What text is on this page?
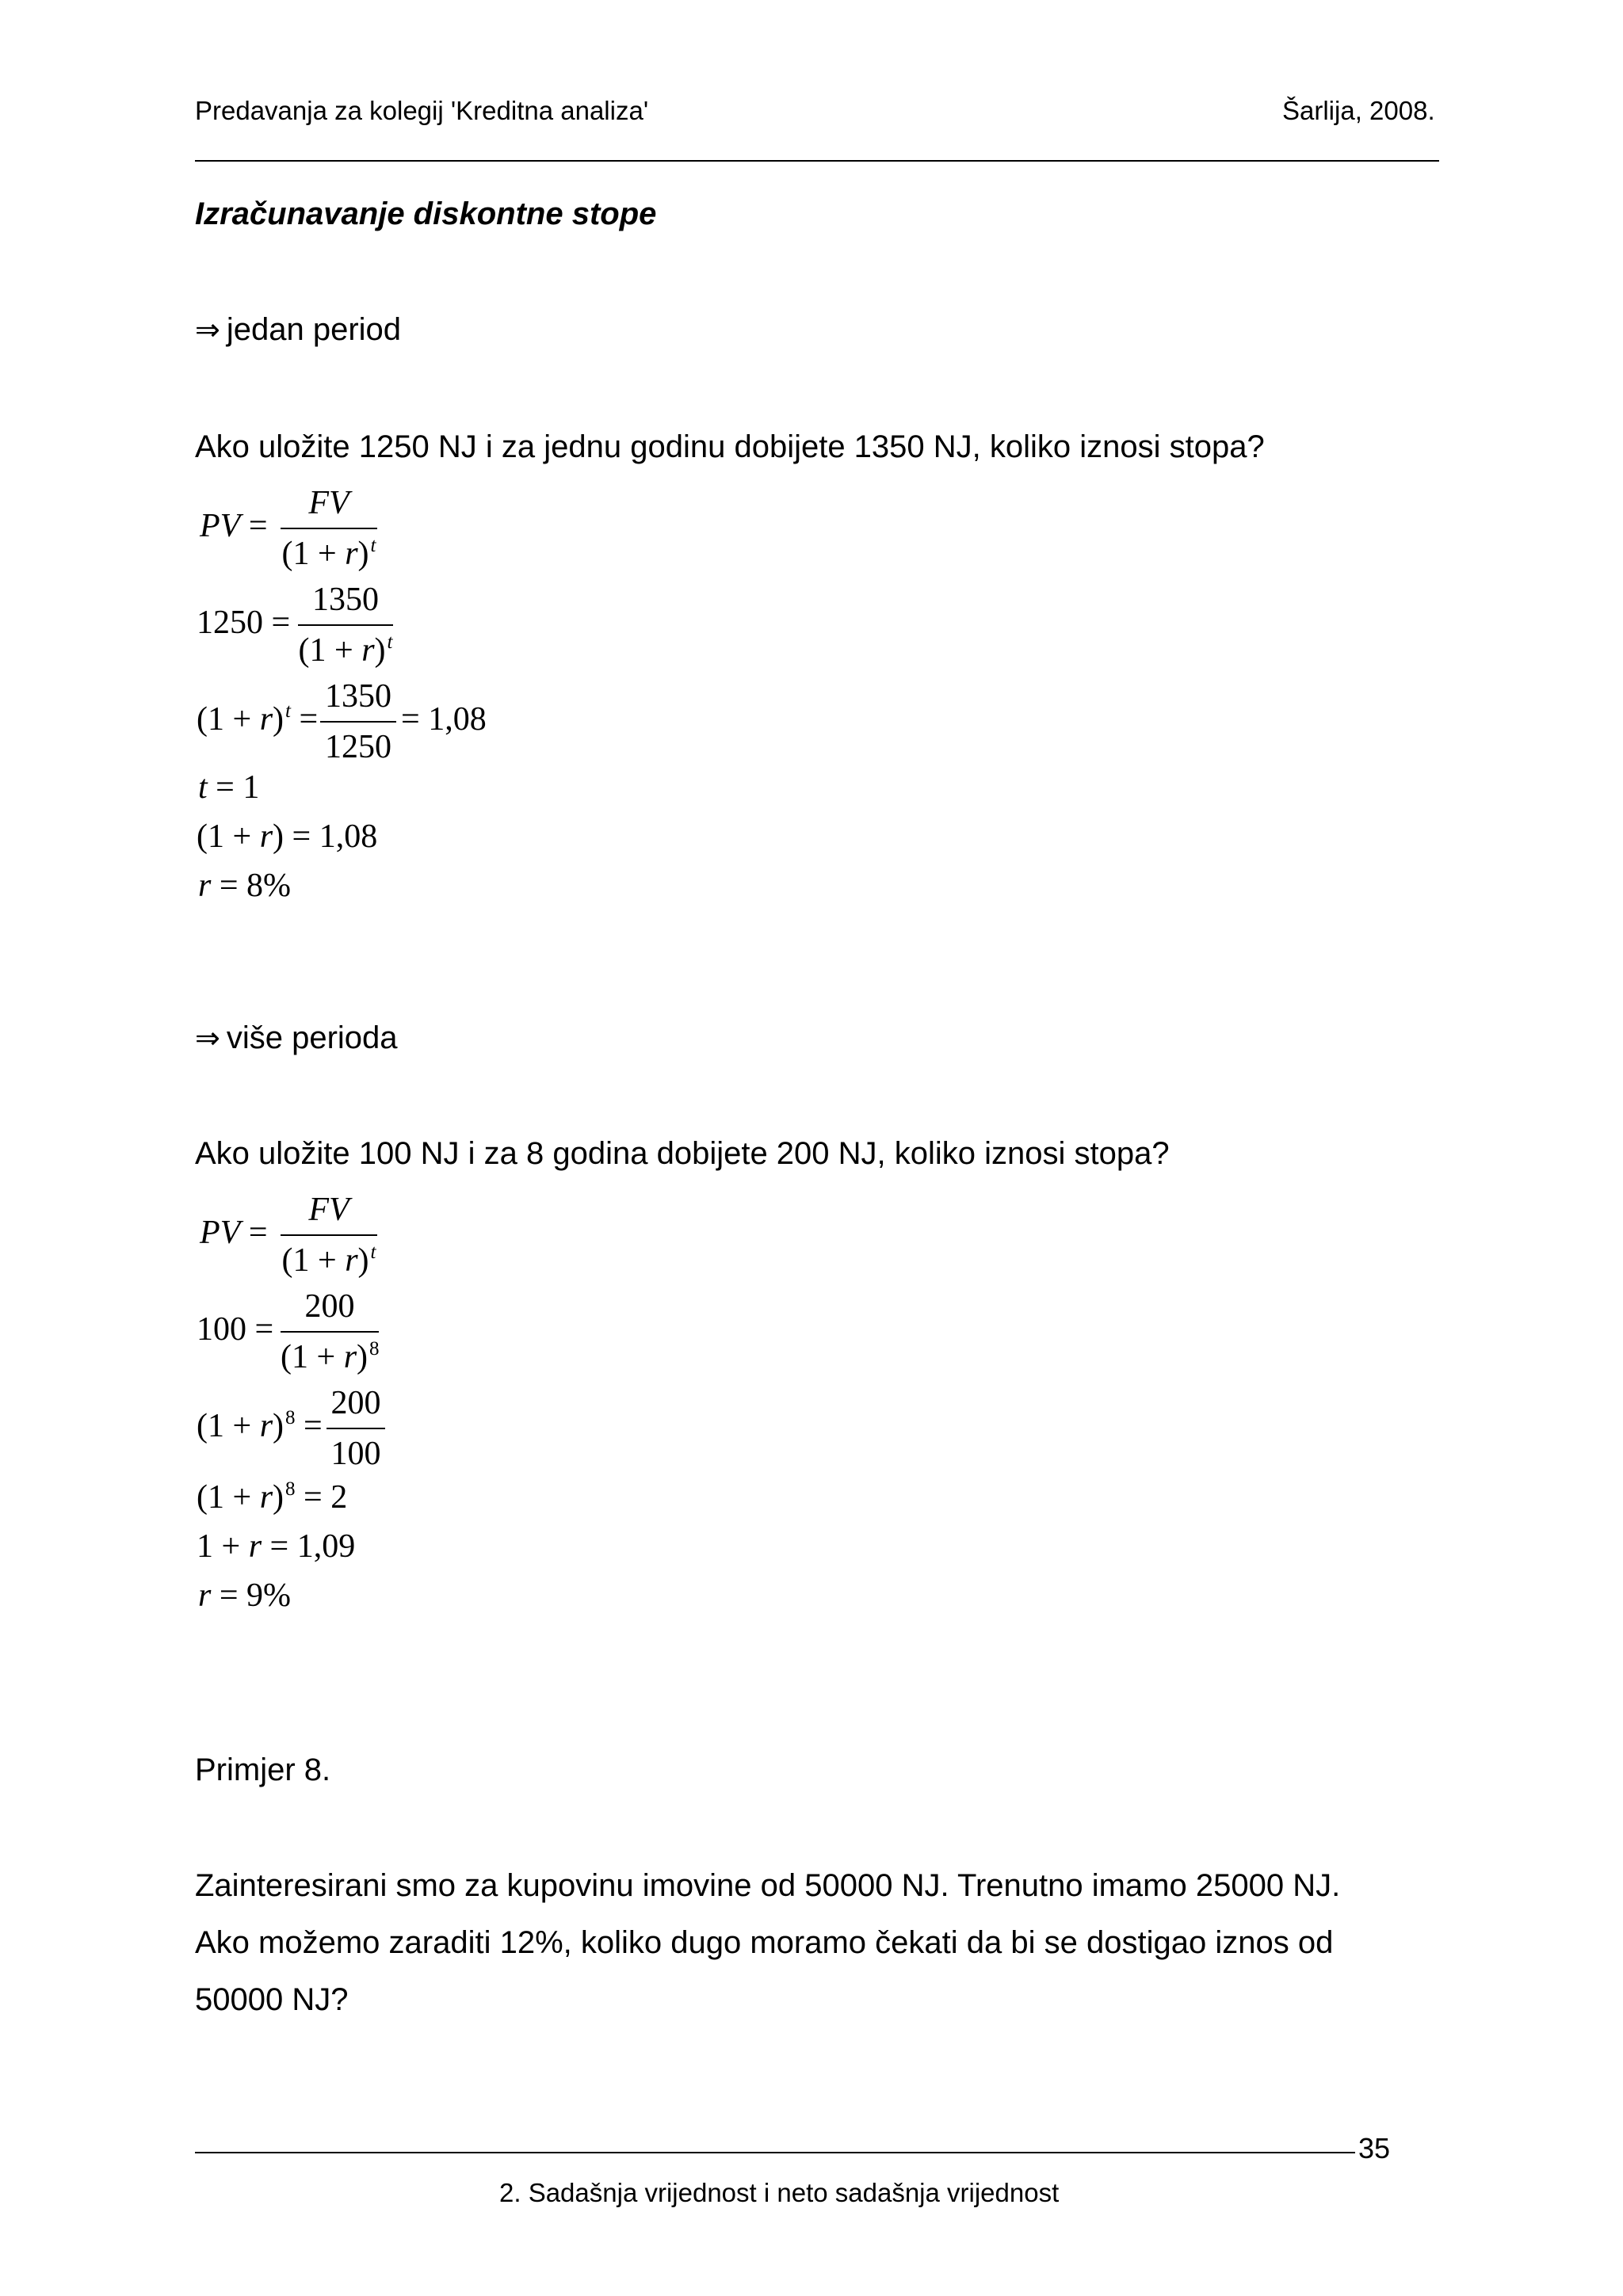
Predavanja za kolegij 'Kreditna analiza'	Šarlija, 2008.
Izračunavanje diskontne stope
⇒ jedan period
Ako uložite 1250 NJ i za jednu godinu dobijete 1350 NJ, koliko iznosi stopa?
PV =
FV
$(1 + r)^t$
1250 =
1350
$(1 + r)^t$
$(1 + r)^t$ =
1350
1250
= 1,08
t = 1
(1 + r) = 1,08
r = 8%
⇒ više perioda
Ako uložite 100 NJ i za 8 godina dobijete 200 NJ, koliko iznosi stopa?
PV =
FV
$(1 + r)^t$
100 =
200
$(1 + r)^8$
$(1 + r)^8$ =
200
100
$(1 + r)^8 = 2$
1 + r = 1,09
r = 9%
Primjer 8.
Zainteresirani smo za kupovinu imovine od 50000 NJ. Trenutno imamo 25000 NJ.
Ako možemo zaraditi 12%, koliko dugo moramo čekati da bi se dostigao iznos od
50000 NJ?
35
2. Sadašnja vrijednost i neto sadašnja vrijednost
